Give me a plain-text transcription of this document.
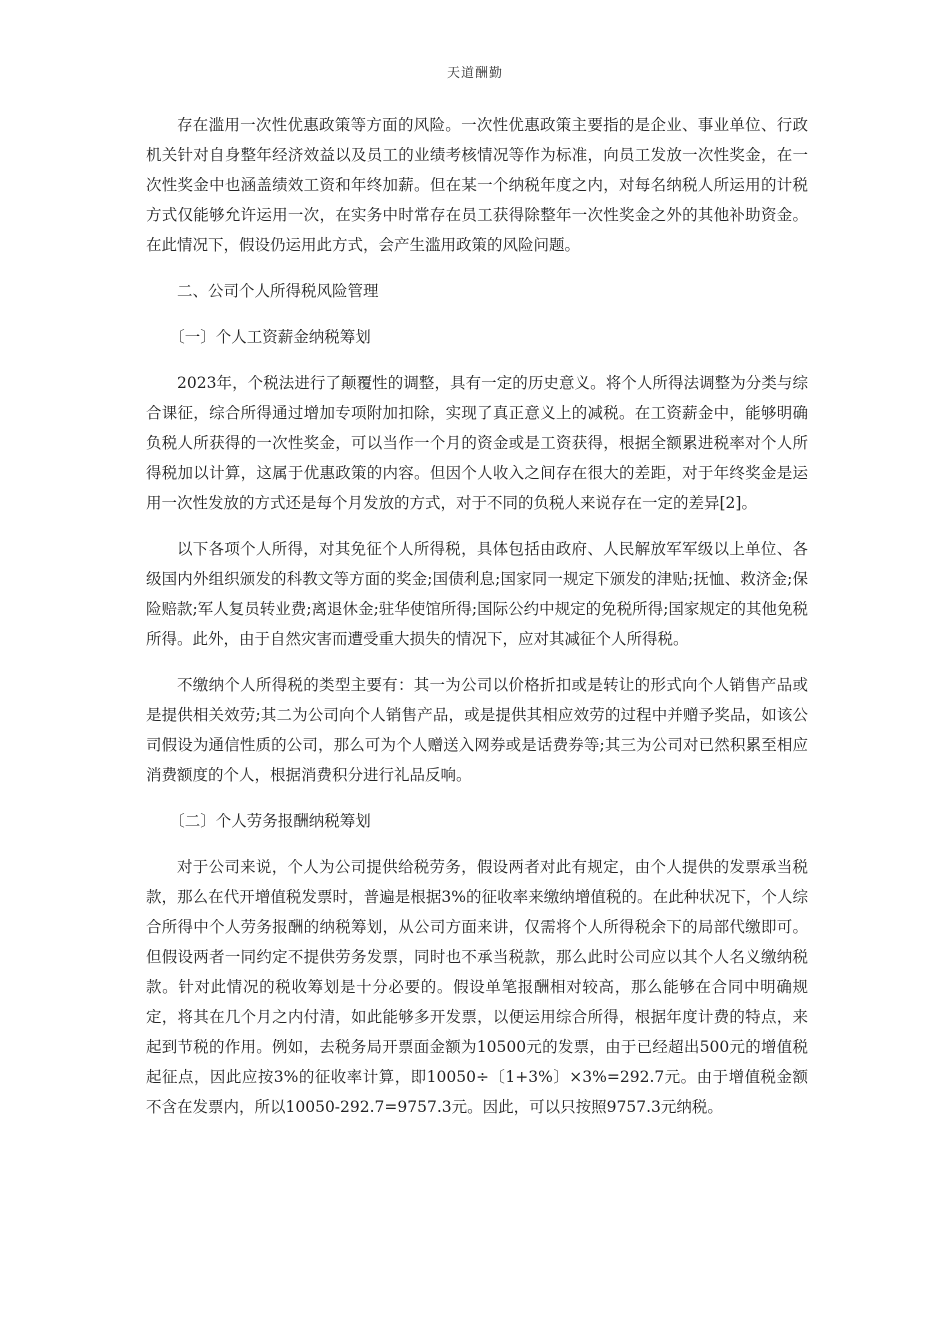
天道酬勤

存在滥用一次性优惠政策等方面的风险。一次性优惠政策主要指的是企业、事业单位、行政机关针对自身整年经济效益以及员工的业绩考核情况等作为标准，向员工发放一次性奖金，在一次性奖金中也涵盖绩效工资和年终加薪。但在某一个纳税年度之内，对每名纳税人所运用的计税方式仅能够允许运用一次，在实务中时常存在员工获得除整年一次性奖金之外的其他补助资金。在此情况下，假设仍运用此方式，会产生滥用政策的风险问题。

二、公司个人所得税风险管理

〔一〕个人工资薪金纳税筹划

2023年，个税法进行了颠覆性的调整，具有一定的历史意义。将个人所得法调整为分类与综合课征，综合所得通过增加专项附加扣除，实现了真正意义上的减税。在工资薪金中，能够明确负税人所获得的一次性奖金，可以当作一个月的资金或是工资获得，根据全额累进税率对个人所得税加以计算，这属于优惠政策的内容。但因个人收入之间存在很大的差距，对于年终奖金是运用一次性发放的方式还是每个月发放的方式，对于不同的负税人来说存在一定的差异[2]。

以下各项个人所得，对其免征个人所得税，具体包括由政府、人民解放军军级以上单位、各级国内外组织颁发的科教文等方面的奖金;国债利息;国家同一规定下颁发的津贴;抚恤、救济金;保险赔款;军人复员转业费;离退休金;驻华使馆所得;国际公约中规定的免税所得;国家规定的其他免税所得。此外，由于自然灾害而遭受重大损失的情况下，应对其减征个人所得税。

不缴纳个人所得税的类型主要有：其一为公司以价格折扣或是转让的形式向个人销售产品或是提供相关效劳;其二为公司向个人销售产品，或是提供其相应效劳的过程中并赠予奖品，如该公司假设为通信性质的公司，那么可为个人赠送入网券或是话费券等;其三为公司对已然积累至相应消费额度的个人，根据消费积分进行礼品反响。

〔二〕个人劳务报酬纳税筹划

对于公司来说，个人为公司提供给税劳务，假设两者对此有规定，由个人提供的发票承当税款，那么在代开增值税发票时，普遍是根据3%的征收率来缴纳增值税的。在此种状况下，个人综合所得中个人劳务报酬的纳税筹划，从公司方面来讲，仅需将个人所得税余下的局部代缴即可。但假设两者一同约定不提供劳务发票，同时也不承当税款，那么此时公司应以其个人名义缴纳税款。针对此情况的税收筹划是十分必要的。假设单笔报酬相对较高，那么能够在合同中明确规定，将其在几个月之内付清，如此能够多开发票，以便运用综合所得，根据年度计费的特点，来起到节税的作用。例如，去税务局开票面金额为10500元的发票，由于已经超出500元的增值税起征点，因此应按3%的征收率计算，即10050÷〔1+3%〕×3%=292.7元。由于增值税金额不含在发票内，所以10050-292.7=9757.3元。因此，可以只按照9757.3元纳税。
